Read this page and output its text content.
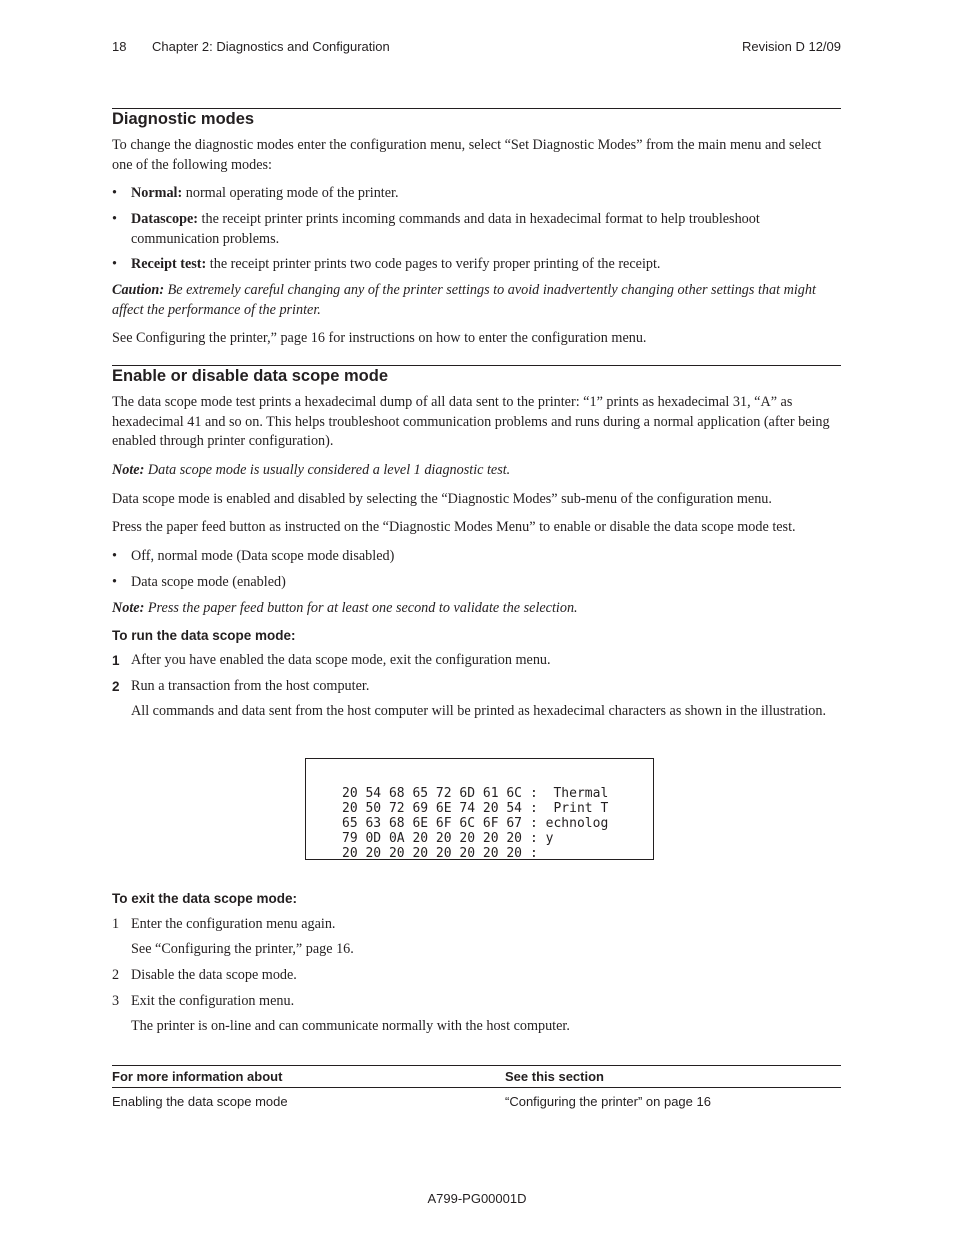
18 Chapter 2: Diagnostics and Configuration	Revision D 12/09
Diagnostic modes

To change the diagnostic modes enter the configuration menu, select “Set Diagnostic Modes” from the main menu and select one of the following modes:

• Normal: normal operating mode of the printer.
• Datascope: the receipt printer prints incoming commands and data in hexadecimal format to help troubleshoot communication problems.
• Receipt test: the receipt printer prints two code pages to verify proper printing of the receipt.

Caution: Be extremely careful changing any of the printer settings to avoid inadvertently changing other settings that might affect the performance of the printer.

See Configuring the printer,” page 16 for instructions on how to enter the configuration menu.

Enable or disable data scope mode

The data scope mode test prints a hexadecimal dump of all data sent to the printer: “1” prints as hexadecimal 31, “A” as hexadecimal 41 and so on. This helps troubleshoot communication problems and runs during a normal application (after being enabled through printer configuration).

Note: Data scope mode is usually considered a level 1 diagnostic test.

Data scope mode is enabled and disabled by selecting the “Diagnostic Modes” sub-menu of the configuration menu.

Press the paper feed button as instructed on the “Diagnostic Modes Menu” to enable or disable the data scope mode test.

• Off, normal mode (Data scope mode disabled)
• Data scope mode (enabled)

Note: Press the paper feed button for at least one second to validate the selection.

To run the data scope mode:
1 After you have enabled the data scope mode, exit the configuration menu.
2 Run a transaction from the host computer.

All commands and data sent from the host computer will be printed as hexadecimal characters as shown in the illustration.

20 54 68 65 72 6D 61 6C :  Thermal
20 50 72 69 6E 74 20 54 :  Print T
65 63 68 6E 6F 6C 6F 67 : echnolog
79 0D 0A 20 20 20 20 20 : y
20 20 20 20 20 20 20 20 :
To exit the data scope mode:
1 Enter the configuration menu again.
See “Configuring the printer,” page 16.
2 Disable the data scope mode.
3 Exit the configuration menu.
The printer is on-line and can communicate normally with the host computer.
For more information about	See this section
Enabling the data scope mode	“Configuring the printer” on page 16
A799-PG00001D
